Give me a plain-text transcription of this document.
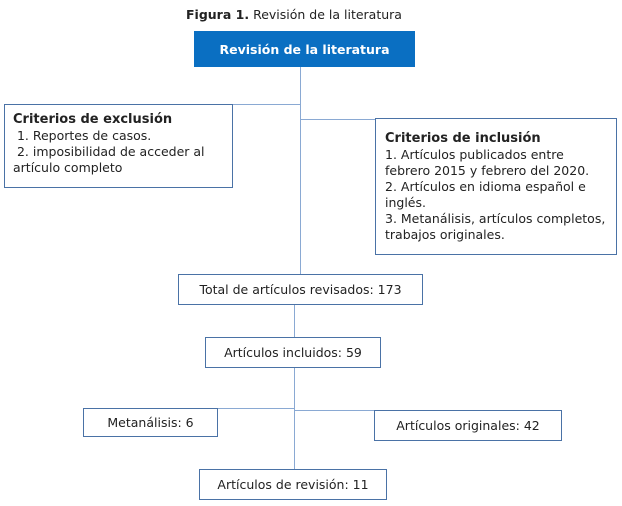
Figura 1. Revisión de la literatura
Revisión de la literatura
Criterios de exclusión
1. Reportes de casos.
2. imposibilidad de acceder al artículo completo
Criterios de inclusión
1. Artículos publicados entre febrero 2015 y febrero del 2020.
2. Artículos en idioma español e inglés.
3. Metanálisis, artículos completos, trabajos originales.
Total de artículos revisados: 173
Artículos incluidos: 59
Metanálisis: 6	Artículos originales: 42
Artículos de revisión: 11
